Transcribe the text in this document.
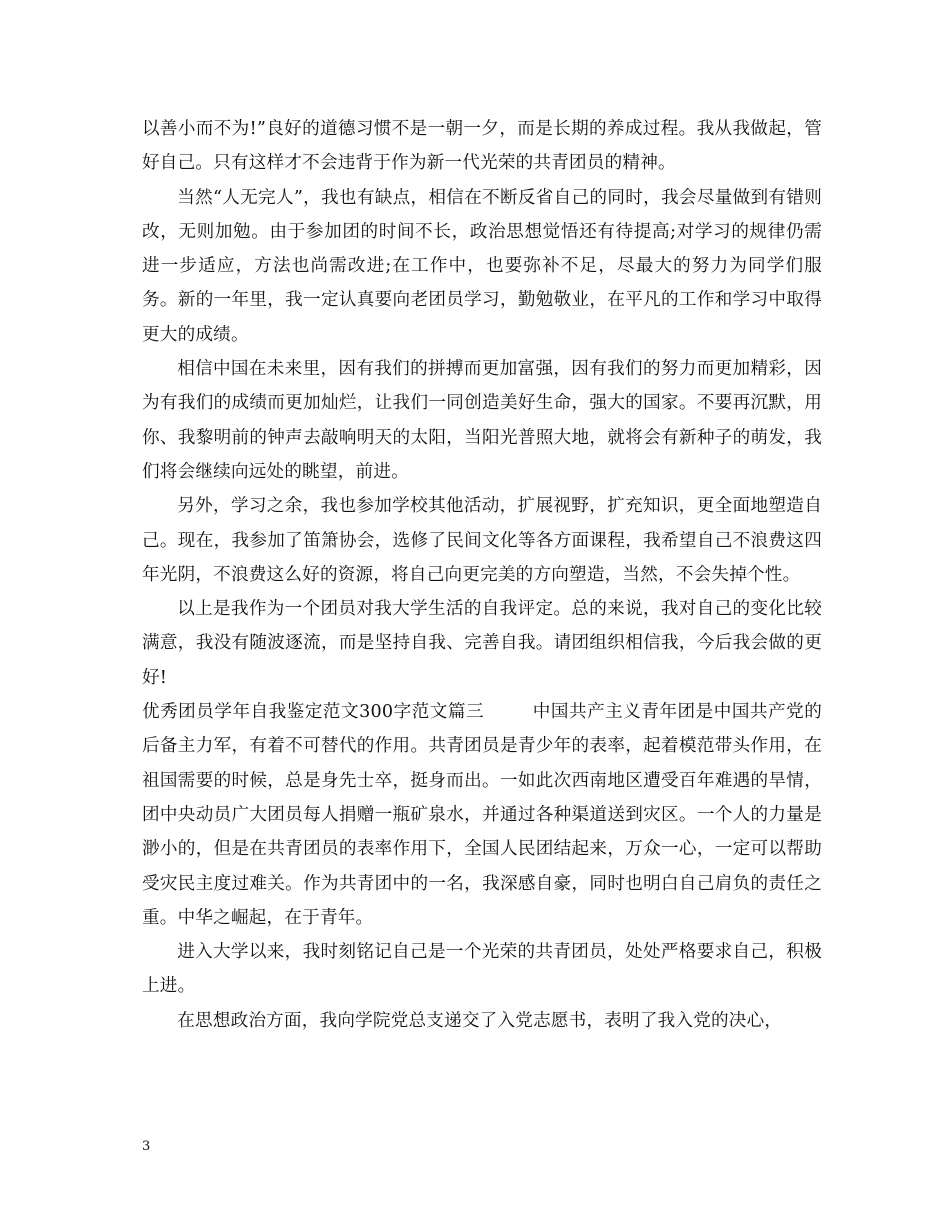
以善小而不为!”良好的道德习惯不是一朝一夕，而是长期的养成过程。我从我做起，管好自己。只有这样才不会违背于作为新一代光荣的共青团员的精神。

当然“人无完人”，我也有缺点，相信在不断反省自己的同时，我会尽量做到有错则改，无则加勉。由于参加团的时间不长，政治思想觉悟还有待提高;对学习的规律仍需进一步适应，方法也尚需改进;在工作中，也要弥补不足，尽最大的努力为同学们服务。新的一年里，我一定认真要向老团员学习，勤勉敬业，在平凡的工作和学习中取得更大的成绩。

相信中国在未来里，因有我们的拼搏而更加富强，因有我们的努力而更加精彩，因为有我们的成绩而更加灿烂，让我们一同创造美好生命，强大的国家。不要再沉默，用你、我黎明前的钟声去敲响明天的太阳，当阳光普照大地，就将会有新种子的萌发，我们将会继续向远处的眺望，前进。

另外，学习之余，我也参加学校其他活动，扩展视野，扩充知识，更全面地塑造自己。现在，我参加了笛箫协会，选修了民间文化等各方面课程，我希望自己不浪费这四年光阴，不浪费这么好的资源，将自己向更完美的方向塑造，当然，不会失掉个性。

以上是我作为一个团员对我大学生活的自我评定。总的来说，我对自己的变化比较满意，我没有随波逐流，而是坚持自我、完善自我。请团组织相信我，今后我会做的更好!

优秀团员学年自我鉴定范文300字范文篇三	中国共产主义青年团是中国共产党的后备主力军，有着不可替代的作用。共青团员是青少年的表率，起着模范带头作用，在祖国需要的时候，总是身先士卒，挺身而出。一如此次西南地区遭受百年难遇的旱情，团中央动员广大团员每人捐赠一瓶矿泉水，并通过各种渠道送到灾区。一个人的力量是渺小的，但是在共青团员的表率作用下，全国人民团结起来，万众一心，一定可以帮助受灾民主度过难关。作为共青团中的一名，我深感自豪，同时也明白自己肩负的责任之重。中华之崛起，在于青年。

进入大学以来，我时刻铭记自己是一个光荣的共青团员，处处严格要求自己，积极上进。

在思想政治方面，我向学院党总支递交了入党志愿书，表明了我入党的决心，

3
